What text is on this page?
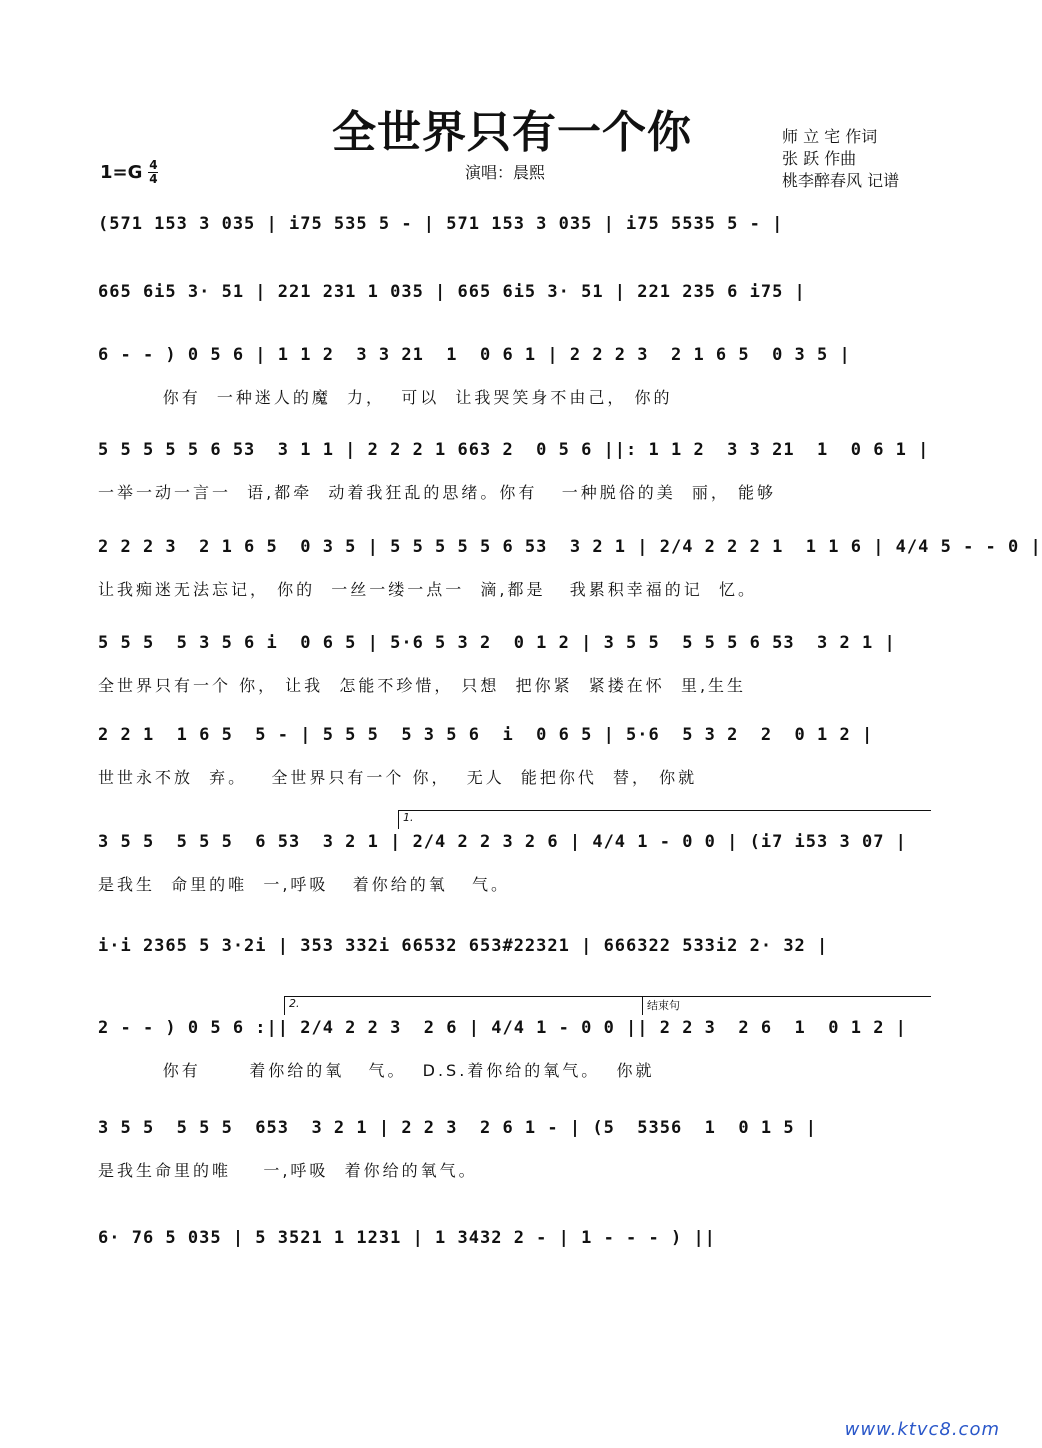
全世界只有一个你	师 立 宅 作词
张 跃 作曲
桃李醉春风 记谱
1=G 4
4	演唱：晨熙
(571 153 3 035 | i75 535 5 - | 571 153 3 035 | i75 5535 5 - |
665 6i5 3· 51 | 221 231 1 035 | 665 6i5 3· 51 | 221 235 6 i75 |
6 - - ) 0 5 6 | 1 1 2  3 3 21  1  0 6 1 | 2 2 2 3  2 1 6 5  0 3 5 |
你有  一种迷人的魔  力，  可以  让我哭笑身不由己， 你的
5 5 5 5 5 6 53  3 1 1 | 2 2 2 1 663 2  0 5 6 ||: 1 1 2  3 3 21  1  0 6 1 |
一举一动一言一  语,都牵  动着我狂乱的思绪。你有   一种脱俗的美  丽， 能够
2 2 2 3  2 1 6 5  0 3 5 | 5 5 5 5 5 6 53  3 2 1 | 2/4 2 2 2 1  1 1 6 | 4/4 5 - - 0 |
让我痴迷无法忘记， 你的  一丝一缕一点一  滴,都是   我累积幸福的记  忆。
5 5 5  5 3 5 6 i  0 6 5 | 5·6 5 3 2  0 1 2 | 3 5 5  5 5 5 6 53  3 2 1 |
全世界只有一个 你， 让我  怎能不珍惜， 只想  把你紧  紧搂在怀  里,生生
2 2 1  1 6 5  5 - | 5 5 5  5 3 5 6  i  0 6 5 | 5·6  5 3 2  2  0 1 2 |
世世永不放  弃。   全世界只有一个 你，  无人  能把你代  替， 你就
1.
3 5 5  5 5 5  6 53  3 2 1 | 2/4 2 2 3 2 6 | 4/4 1 - 0 0 | (i7 i53 3 07 |
是我生  命里的唯  一,呼吸   着你给的氧   气。
i·i 2365 5 3·2i | 353 332i 66532 653#22321 | 666322 533i2 2· 32 |
2.	结束句
2 - - ) 0 5 6 :|| 2/4 2 2 3  2 6 | 4/4 1 - 0 0 || 2 2 3  2 6  1  0 1 2 |
你有      着你给的氧   气。  D.S.着你给的氧气。  你就
3 5 5  5 5 5  653  3 2 1 | 2 2 3  2 6 1 - | (5  5356  1  0 1 5 |
是我生命里的唯    一,呼吸  着你给的氧气。
6· 76 5 035 | 5 3521 1 1231 | 1 3432 2 - | 1 - - - ) ||
www.ktvc8.com
